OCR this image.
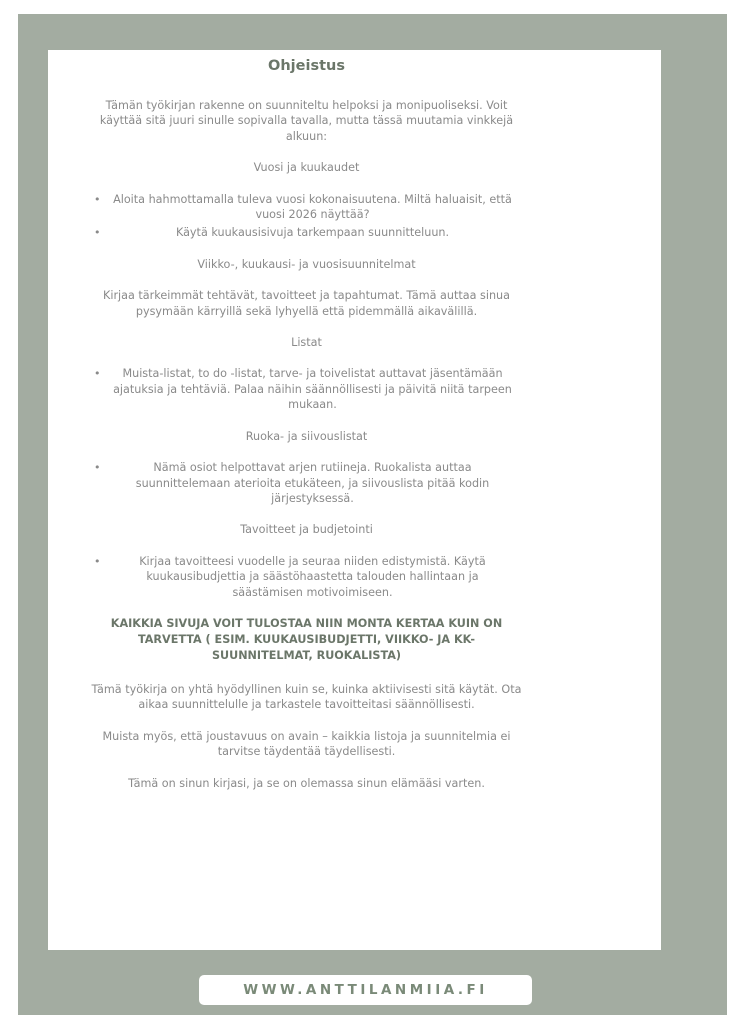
Ohjeistus
Tämän työkirjan rakenne on suunniteltu helpoksi ja monipuoliseksi. Voit käyttää sitä juuri sinulle sopivalla tavalla, mutta tässä muutamia vinkkejä alkuun:
Vuosi ja kuukaudet
• Aloita hahmottamalla tuleva vuosi kokonaisuutena. Miltä haluaisit, että vuosi 2026 näyttää?
•	Käytä kuukausisivuja tarkempaan suunnitteluun.
Viikko-, kuukausi- ja vuosisuunnitelmat
Kirjaa tärkeimmät tehtävät, tavoitteet ja tapahtumat. Tämä auttaa sinua pysymään kärryillä sekä lyhyellä että pidemmällä aikavälillä.
Listat
• Muista-listat, to do -listat, tarve- ja toivelistat auttavat jäsentämään ajatuksia ja tehtäviä. Palaa näihin säännöllisesti ja päivitä niitä tarpeen mukaan.
Ruoka- ja siivouslistat
•	Nämä osiot helpottavat arjen rutiineja. Ruokalista auttaa suunnittelemaan aterioita etukäteen, ja siivouslista pitää kodin järjestyksessä.
Tavoitteet ja budjetointi
•	Kirjaa tavoitteesi vuodelle ja seuraa niiden edistymistä. Käytä kuukausibudjettia ja säästöhaastetta talouden hallintaan ja säästämisen motivoimiseen.
KAIKKIA SIVUJA VOIT TULOSTAA NIIN MONTA KERTAA KUIN ON TARVETTA ( ESIM. KUUKAUSIBUDJETTI, VIIKKO- JA KK-SUUNNITELMAT, RUOKALISTA)
Tämä työkirja on yhtä hyödyllinen kuin se, kuinka aktiivisesti sitä käytät. Ota aikaa suunnittelulle ja tarkastele tavoitteitasi säännöllisesti.
Muista myös, että joustavuus on avain – kaikkia listoja ja suunnitelmia ei tarvitse täydentää täydellisesti.
Tämä on sinun kirjasi, ja se on olemassa sinun elämääsi varten.
WWW.ANTTILANMIIA.FI
